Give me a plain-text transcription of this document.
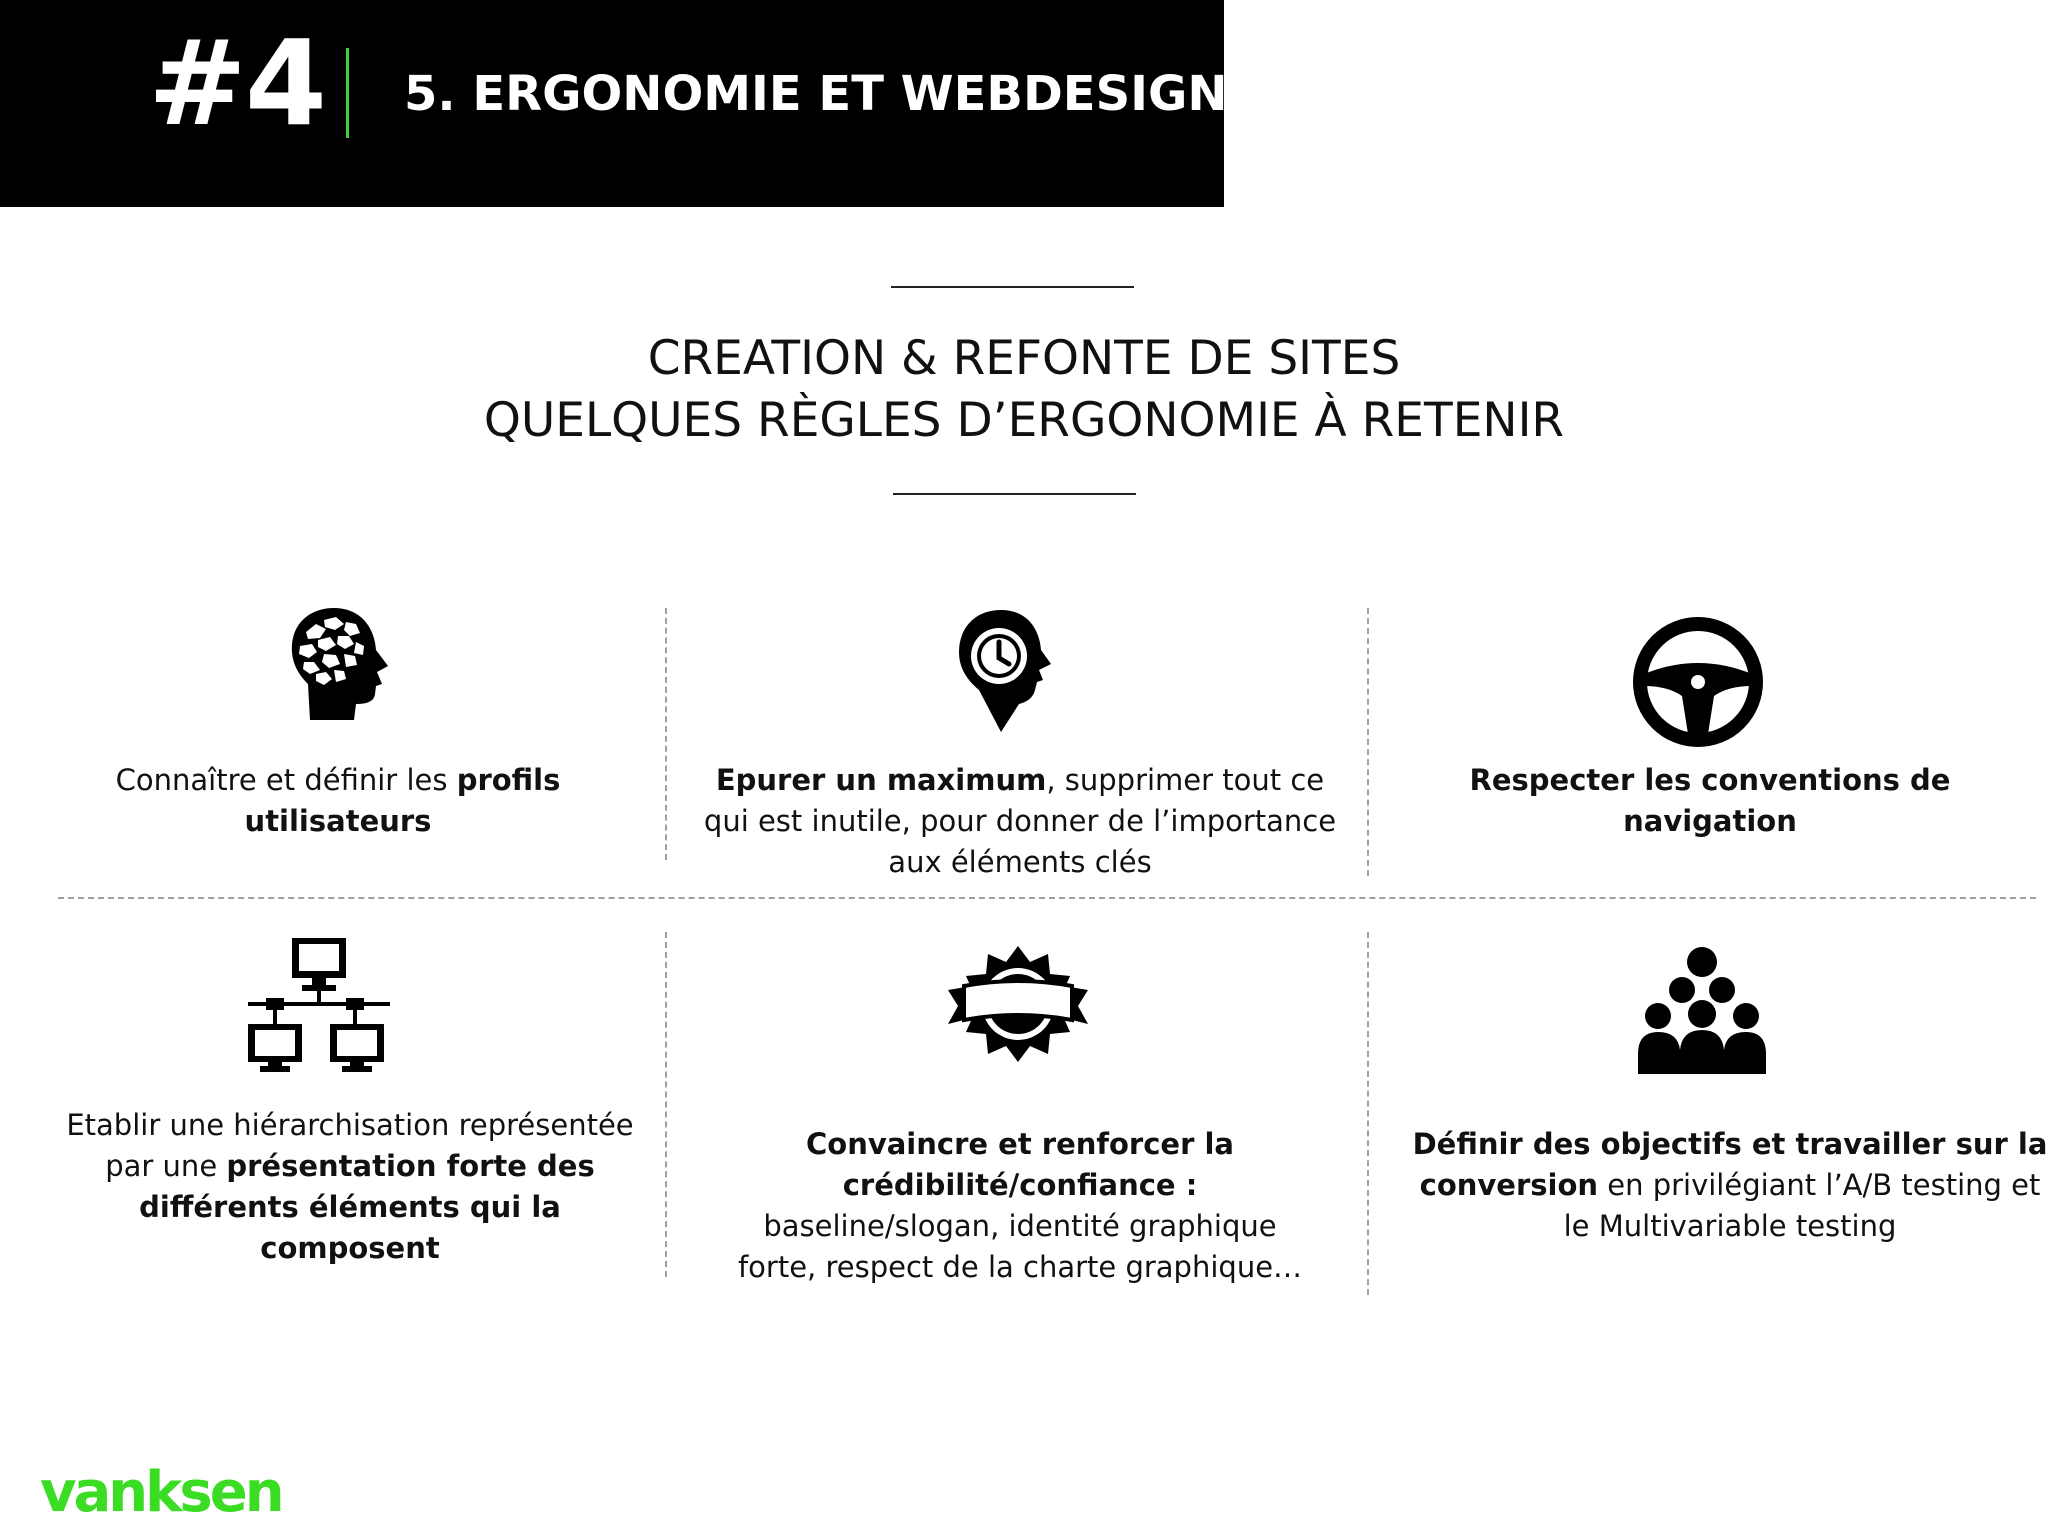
#4 5. ERGONOMIE ET WEBDESIGN
CREATION & REFONTE DE SITES
QUELQUES RÈGLES D’ERGONOMIE À RETENIR
Connaître et définir les profils utilisateurs
Epurer un maximum, supprimer tout ce qui est inutile, pour donner de l’importance aux éléments clés
Respecter les conventions de navigation
Etablir une hiérarchisation représentée par une présentation forte des différents éléments qui la composent
Convaincre et renforcer la crédibilité/confiance : baseline/slogan, identité graphique forte, respect de la charte graphique…
Définir des objectifs et travailler sur la conversion en privilégiant l’A/B testing et le Multivariable testing
vanksen
